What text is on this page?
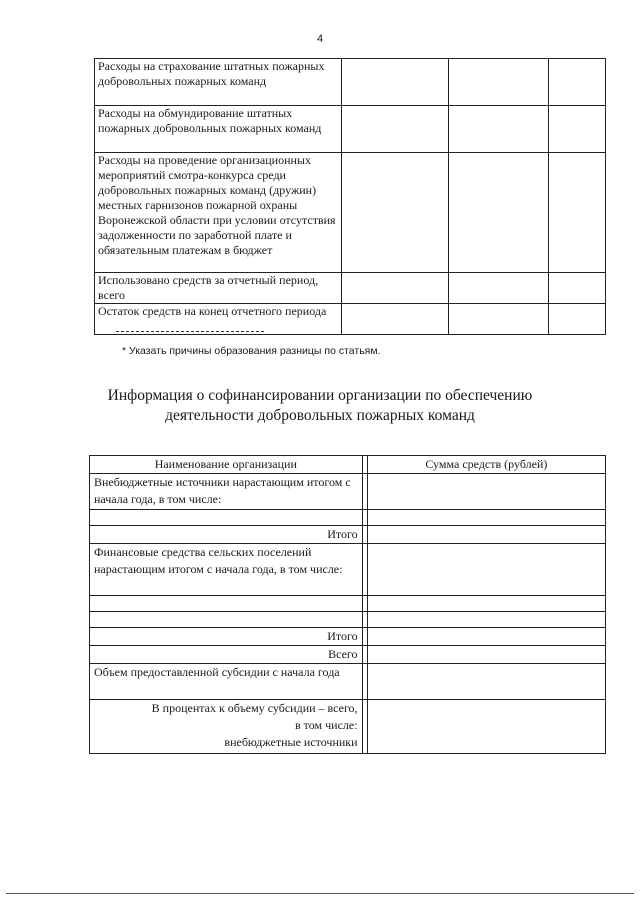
4
Расходы на страхование штатных пожарных добровольных пожарных команд			
Расходы на обмундирование штатных пожарных добровольных пожарных команд			
Расходы на проведение организационных мероприятий смотра-конкурса среди добровольных пожарных команд (дружин) местных гарнизонов пожарной охраны Воронежской области при условии отсутствия задолженности по заработной плате и обязательным платежам в бюджет			
Использовано средств за отчетный период, всего			
Остаток средств на конец отчетного периода			
* Указать причины образования разницы по статьям.
Информация о софинансировании организации по обеспечению
деятельности добровольных пожарных команд
Наименование организации		Сумма средств (рублей)
Внебюджетные источники нарастающим итогом с начала года, в том числе:		

Итого		
Финансовые средства сельских поселений нарастающим итогом с начала года, в том числе:		

Итого		
Всего		
Объем предоставленной субсидии с начала года		

В процентах к объему субсидии – всего,
в том числе:
внебюджетные источники		
